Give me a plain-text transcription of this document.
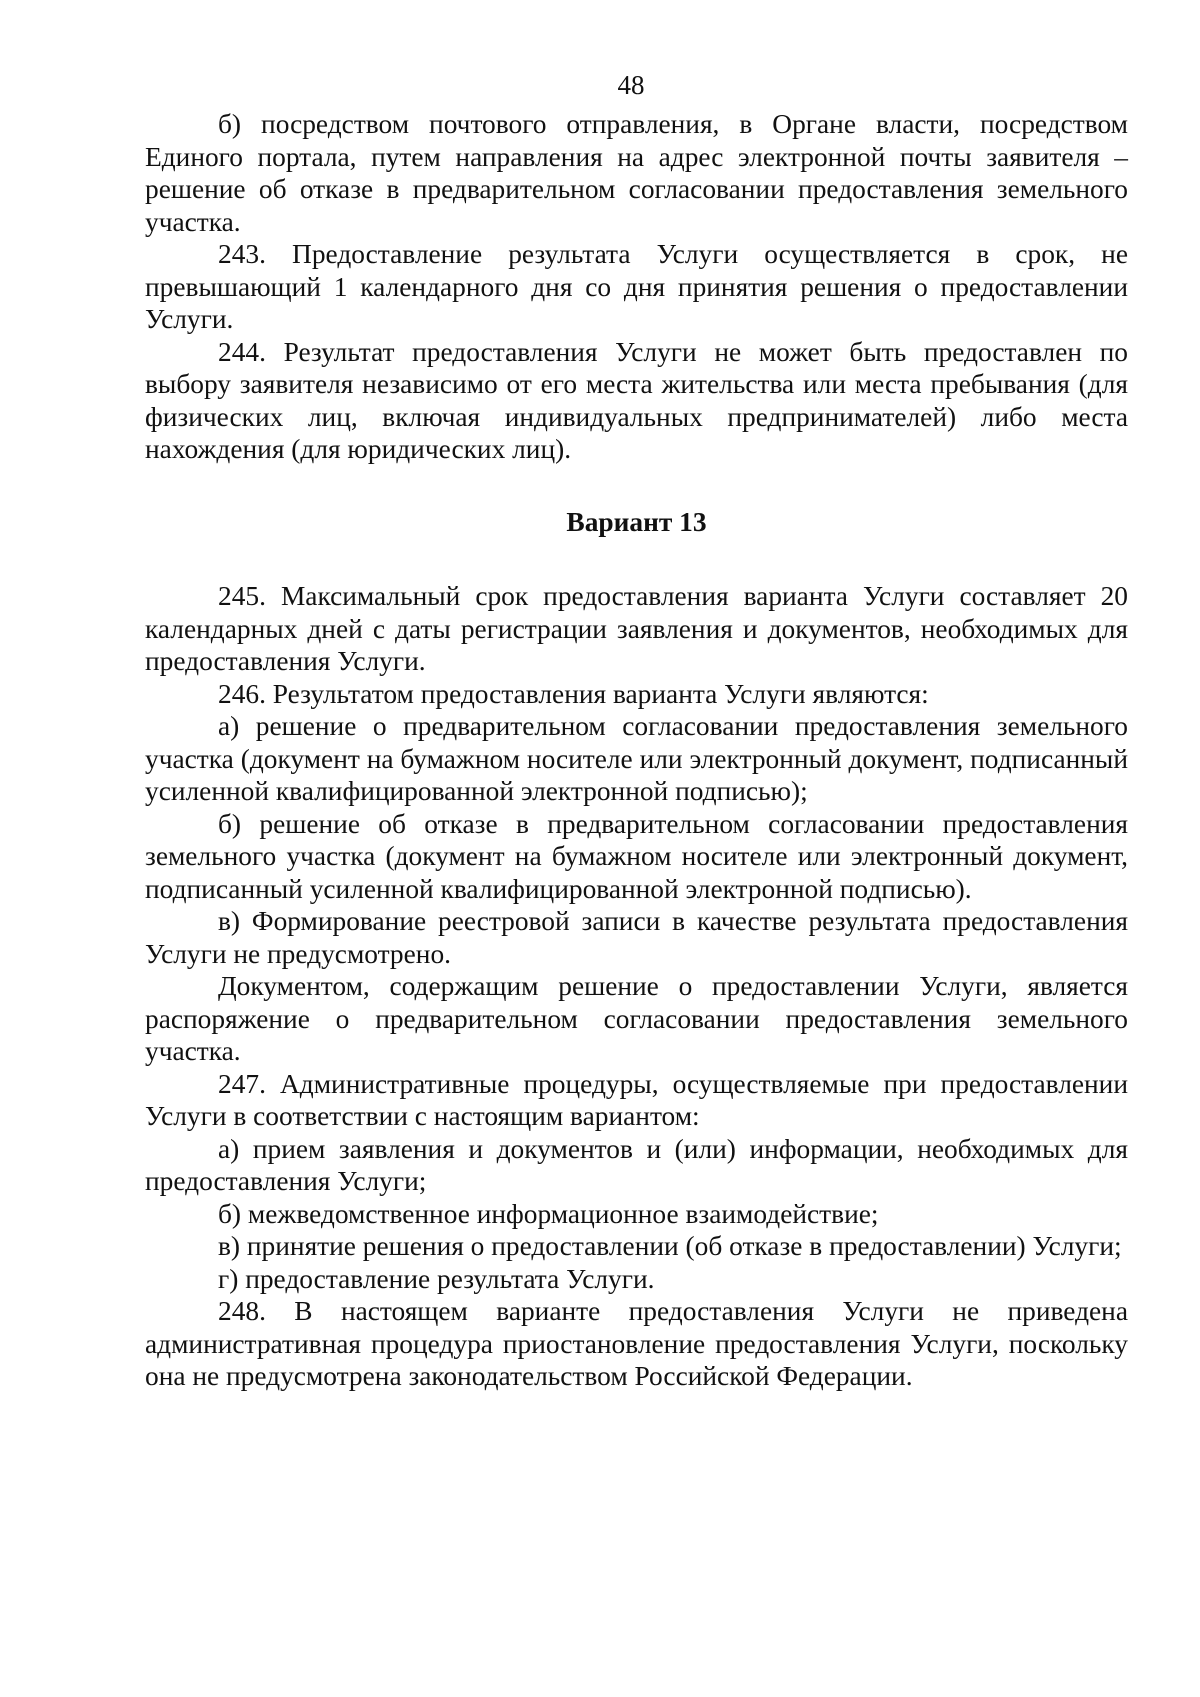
48

б) посредством почтового отправления, в Органе власти, посредством Единого портала, путем направления на адрес электронной почты заявителя – решение об отказе в предварительном согласовании предоставления земельного участка.

243. Предоставление результата Услуги осуществляется в срок, не превышающий 1 календарного дня со дня принятия решения о предоставлении Услуги.

244. Результат предоставления Услуги не может быть предоставлен по выбору заявителя независимо от его места жительства или места пребывания (для физических лиц, включая индивидуальных предпринимателей) либо места нахождения (для юридических лиц).

Вариант 13

245. Максимальный срок предоставления варианта Услуги составляет 20 календарных дней с даты регистрации заявления и документов, необходимых для предоставления Услуги.

246. Результатом предоставления варианта Услуги являются:

а) решение о предварительном согласовании предоставления земельного участка (документ на бумажном носителе или электронный документ, подписанный усиленной квалифицированной электронной подписью);

б) решение об отказе в предварительном согласовании предоставления земельного участка (документ на бумажном носителе или электронный документ, подписанный усиленной квалифицированной электронной подписью).

в) Формирование реестровой записи в качестве результата предоставления Услуги не предусмотрено.

Документом, содержащим решение о предоставлении Услуги, является распоряжение о предварительном согласовании предоставления земельного участка.

247. Административные процедуры, осуществляемые при предоставлении Услуги в соответствии с настоящим вариантом:

а) прием заявления и документов и (или) информации, необходимых для предоставления Услуги;

б) межведомственное информационное взаимодействие;

в) принятие решения о предоставлении (об отказе в предоставлении) Услуги;

г) предоставление результата Услуги.

248. В настоящем варианте предоставления Услуги не приведена административная процедура приостановление предоставления Услуги, поскольку она не предусмотрена законодательством Российской Федерации.
